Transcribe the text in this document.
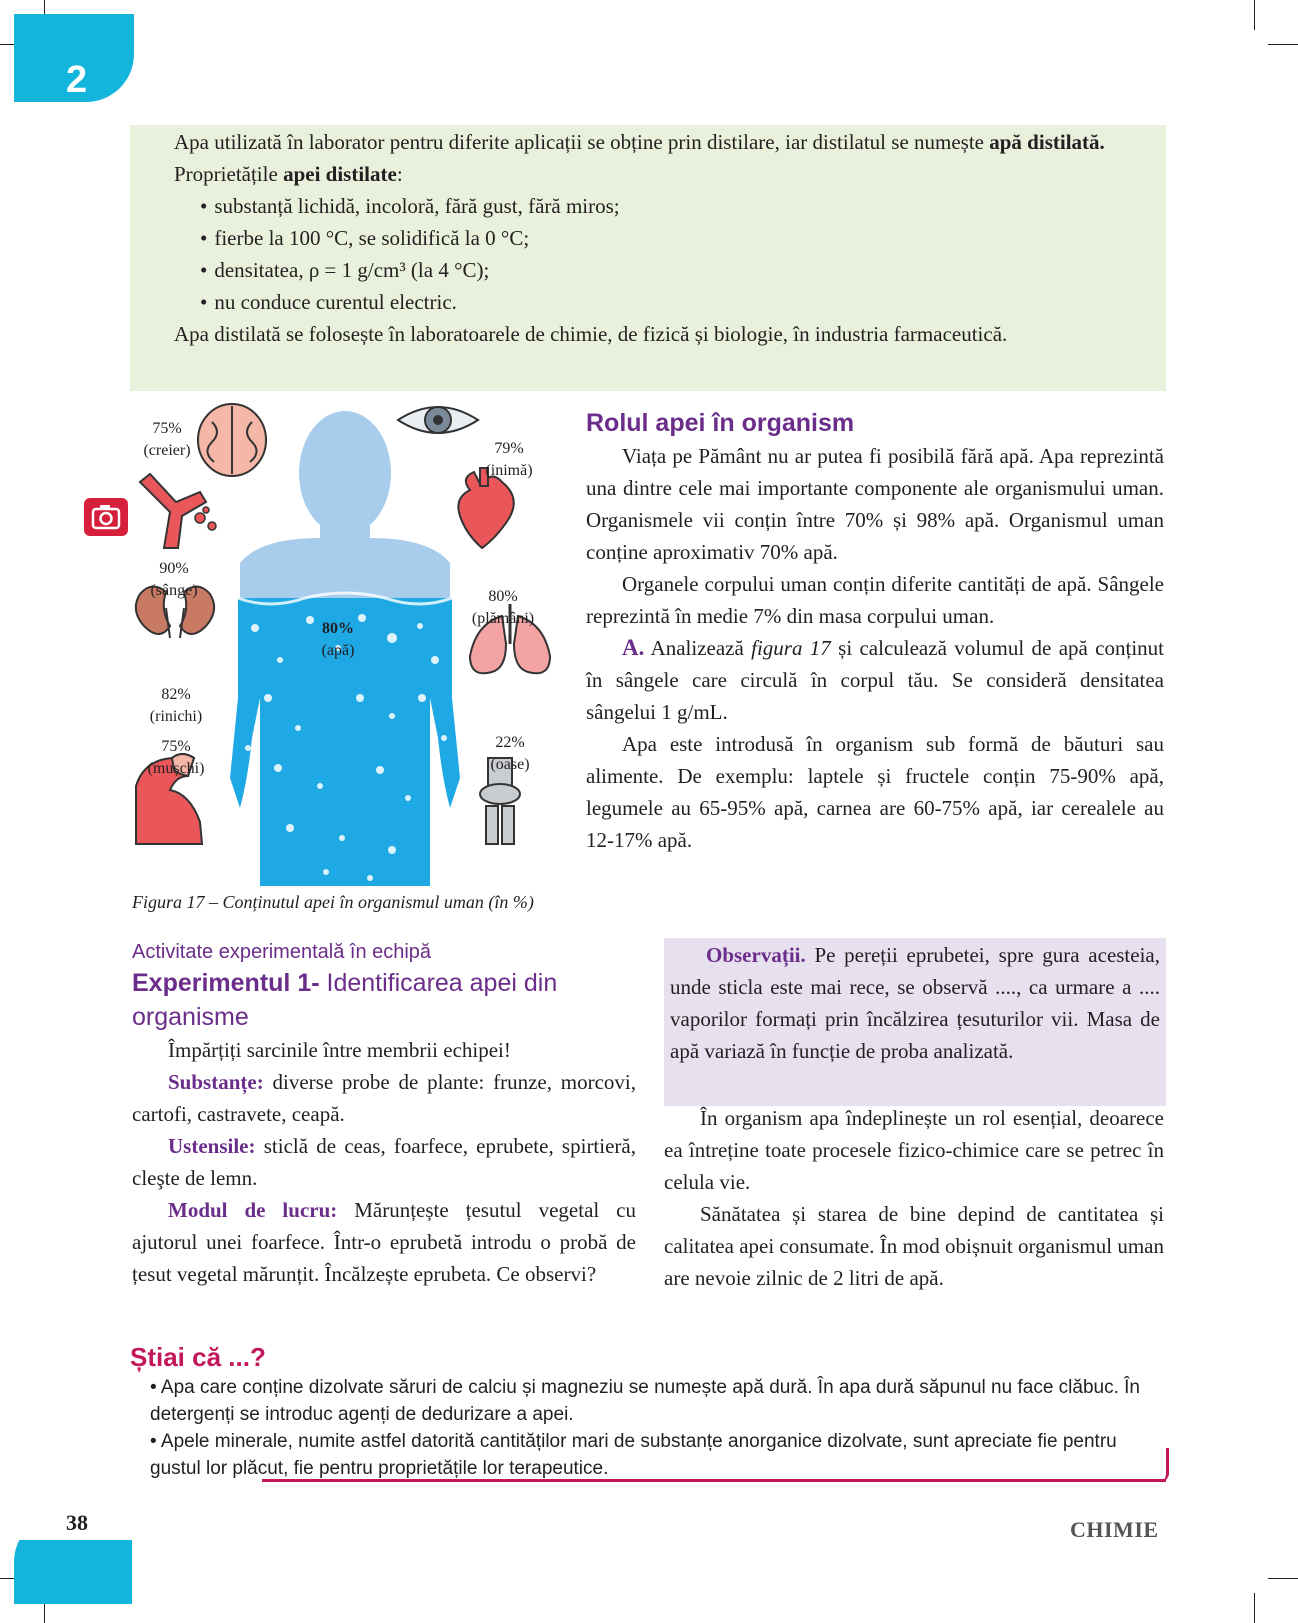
2

Apa utilizată în laborator pentru diferite aplicații se obține prin distilare, iar distilatul se numește apă distilată.

Proprietățile apei distilate:

• substanță lichidă, incoloră, fără gust, fără miros;
• fierbe la 100 °C, se solidifică la 0 °C;
• densitatea, ρ = 1 g/cm³ (la 4 °C);
• nu conduce curentul electric.

Apa distilată se folosește în laboratoarele de chimie, de fizică și biologie, în industria farmaceutică.

75%
(creier)	79%
(inimă)
90%
(sânge)	80%
(plămâni)
80%
(apă)
82%
(rinichi)
75%
(mușchi)
22%
(oase)
Figura 17 – Conținutul apei în organismul uman (în %)
Rolul apei în organism

Viața pe Pământ nu ar putea fi posibilă fără apă. Apa reprezintă una dintre cele mai importante componente ale organismului uman. Organismele vii conțin între 70% și 98% apă. Organismul uman conține aproximativ 70% apă.

Organele corpului uman conțin diferite cantități de apă. Sângele reprezintă în medie 7% din masa corpului uman.

A. Analizează figura 17 și calculează volumul de apă conținut în sângele care circulă în corpul tău. Se consideră densitatea sângelui 1 g/mL.

Apa este introdusă în organism sub formă de băuturi sau alimente. De exemplu: laptele și fructele conțin 75-90% apă, legumele au 65-95% apă, carnea are 60-75% apă, iar cerealele au 12-17% apă.

Activitate experimentală în echipă
Experimentul 1- Identificarea apei din organisme

Împărțiți sarcinile între membrii echipei!

Substanțe: diverse probe de plante: frunze, morcovi, cartofi, castravete, ceapă.

Ustensile: sticlă de ceas, foarfece, eprubete, spirtieră, cleşte de lemn.

Modul de lucru: Mărunțește țesutul vegetal cu ajutorul unei foarfece. Într-o eprubetă introdu o probă de țesut vegetal mărunțit. Încălzește eprubeta. Ce observi?

Observații. Pe pereții eprubetei, spre gura acesteia, unde sticla este mai rece, se observă ...., ca urmare a .... vaporilor formați prin încălzirea țesuturilor vii. Masa de apă variază în funcție de proba analizată.

În organism apa îndeplinește un rol esențial, deoarece ea întreține toate procesele fizico-chimice care se petrec în celula vie.

Sănătatea și starea de bine depind de cantitatea și calitatea apei consumate. În mod obișnuit organismul uman are nevoie zilnic de 2 litri de apă.

Știai că ...?
• Apa care conține dizolvate săruri de calciu și magneziu se numește apă dură. În apa dură săpunul nu face clăbuc. În detergenți se introduc agenți de dedurizare a apei.
• Apele minerale, numite astfel datorită cantităților mari de substanțe anorganice dizolvate, sunt apreciate fie pentru gustul lor plăcut, fie pentru proprietățile lor terapeutice.
38	CHIMIE
